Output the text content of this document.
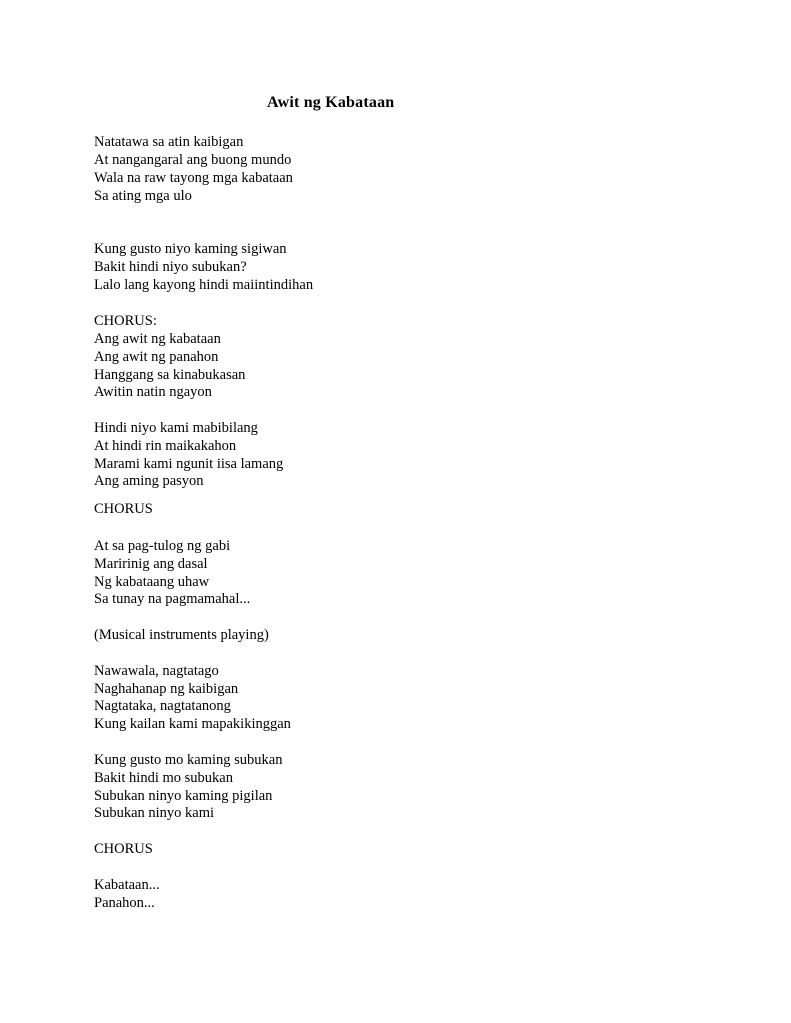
Awit ng Kabataan

Natatawa sa atin kaibigan

At nangangaral ang buong mundo

Wala na raw tayong mga kabataan

Sa ating mga ulo

Kung gusto niyo kaming sigiwan

Bakit hindi niyo subukan?

Lalo lang kayong hindi maiintindihan

CHORUS:

Ang awit ng kabataan

Ang awit ng panahon

Hanggang sa kinabukasan

Awitin natin ngayon

Hindi niyo kami mabibilang

At hindi rin maikakahon

Marami kami ngunit iisa lamang

Ang aming pasyon

CHORUS

At sa pag-tulog ng gabi

Maririnig ang dasal

Ng kabataang uhaw

Sa tunay na pagmamahal...

(Musical instruments playing)

Nawawala, nagtatago

Naghahanap ng kaibigan

Nagtataka, nagtatanong

Kung kailan kami mapakikinggan

Kung gusto mo kaming subukan

Bakit hindi mo subukan

Subukan ninyo kaming pigilan

Subukan ninyo kami

CHORUS

Kabataan...

Panahon...
